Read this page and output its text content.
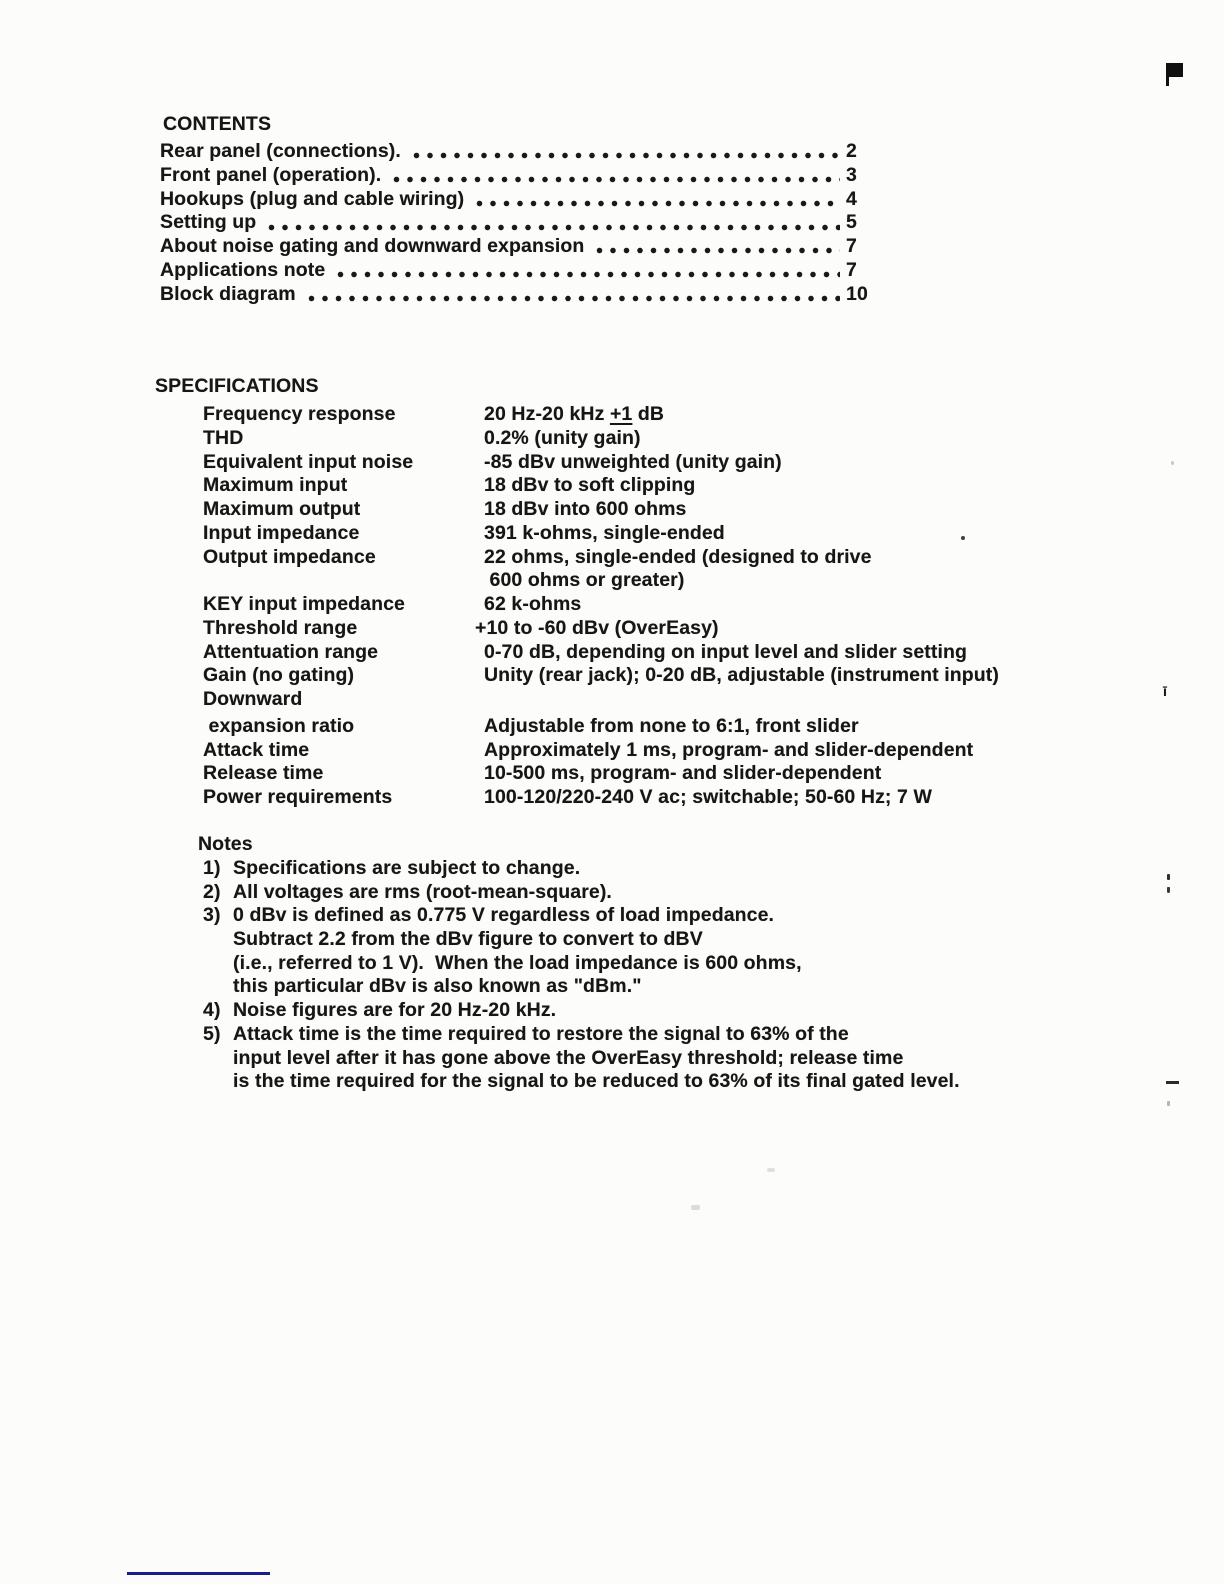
CONTENTS
Rear panel (connections).	2
Front panel (operation).	3
Hookups (plug and cable wiring)	4
Setting up	5
About noise gating and downward expansion	7
Applications note	7
Block diagram	10
SPECIFICATIONS
Frequency response	20 Hz-20 kHz +1 dB
THD	0.2% (unity gain)
Equivalent input noise	-85 dBv unweighted (unity gain)
Maximum input	18 dBv to soft clipping
Maximum output	18 dBv into 600 ohms
Input impedance	391 k-ohms, single-ended
Output impedance	22 ohms, single-ended (designed to drive
600 ohms or greater)
KEY input impedance	62 k-ohms
Threshold range	+10 to -60 dBv (OverEasy)
Attentuation range	0-70 dB, depending on input level and slider setting
Gain (no gating)	Unity (rear jack); 0-20 dB, adjustable (instrument input)
Downward
expansion ratio	Adjustable from none to 6:1, front slider
Attack time	Approximately 1 ms, program- and slider-dependent
Release time	10-500 ms, program- and slider-dependent
Power requirements	100-120/220-240 V ac; switchable; 50-60 Hz; 7 W
Notes
1) Specifications are subject to change.
2) All voltages are rms (root-mean-square).
3) 0 dBv is defined as 0.775 V regardless of load impedance.
Subtract 2.2 from the dBv figure to convert to dBV
(i.e., referred to 1 V).  When the load impedance is 600 ohms,
this particular dBv is also known as "dBm."
4) Noise figures are for 20 Hz-20 kHz.
5) Attack time is the time required to restore the signal to 63% of the
input level after it has gone above the OverEasy threshold; release time
is the time required for the signal to be reduced to 63% of its final gated level.
ī
